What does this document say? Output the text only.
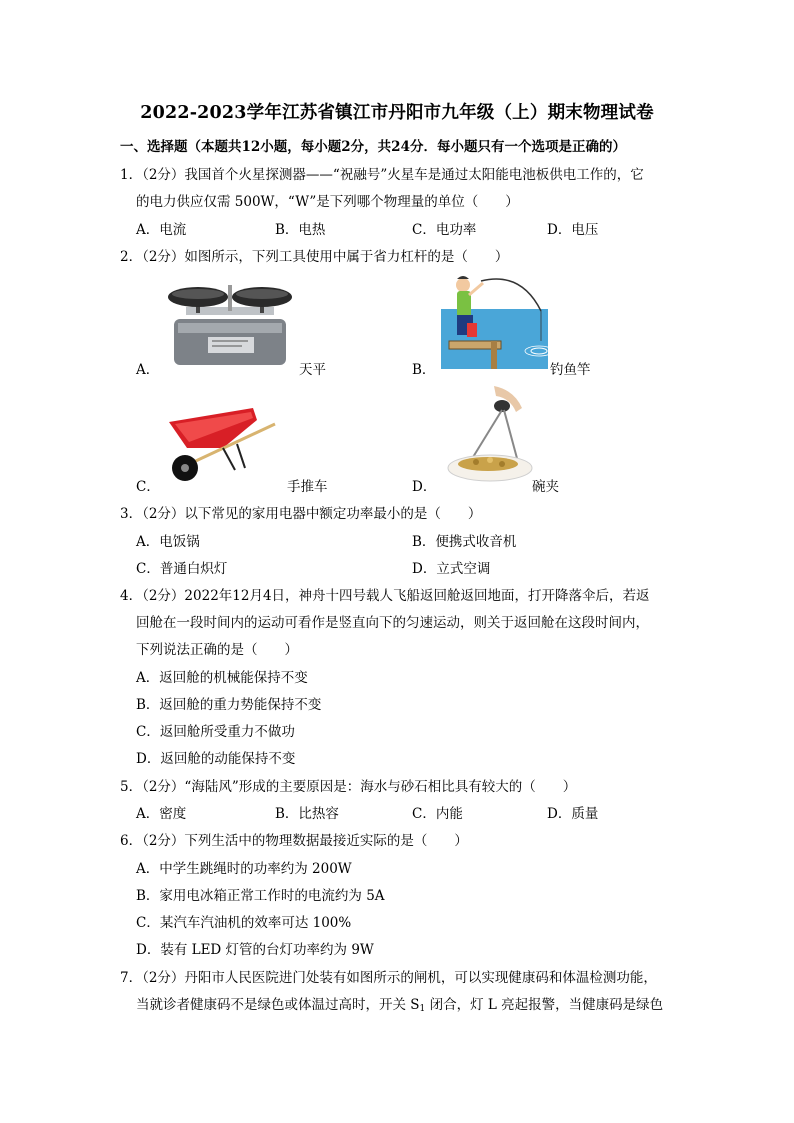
2022-2023学年江苏省镇江市丹阳市九年级（上）期末物理试卷
一、选择题（本题共12小题，每小题2分，共24分．每小题只有一个选项是正确的）
1．（2分）我国首个火星探测器——“祝融号”火星车是通过太阳能电池板供电工作的，它
的电力供应仅需 500W，“W”是下列哪个物理量的单位（　　）
A．电流	B．电热	C．电功率	D．电压
2．（2分）如图所示，下列工具使用中属于省力杠杆的是（　　）
A．	天平	B．	钓鱼竿
C．	手推车	D．	碗夹
3．（2分）以下常见的家用电器中额定功率最小的是（　　）
A．电饭锅	B．便携式收音机
C．普通白炽灯	D．立式空调
4．（2分）2022年12月4日，神舟十四号载人飞船返回舱返回地面，打开降落伞后，若返
回舱在一段时间内的运动可看作是竖直向下的匀速运动，则关于返回舱在这段时间内，
下列说法正确的是（　　）
A．返回舱的机械能保持不变
B．返回舱的重力势能保持不变
C．返回舱所受重力不做功
D．返回舱的动能保持不变
5．（2分）“海陆风”形成的主要原因是：海水与砂石相比具有较大的（　　）
A．密度	B．比热容	C．内能	D．质量
6．（2分）下列生活中的物理数据最接近实际的是（　　）
A．中学生跳绳时的功率约为 200W
B．家用电冰箱正常工作时的电流约为 5A
C．某汽车汽油机的效率可达 100%
D．装有 LED 灯管的台灯功率约为 9W
7．（2分）丹阳市人民医院进门处装有如图所示的闸机，可以实现健康码和体温检测功能，
当就诊者健康码不是绿色或体温过高时，开关 $S_1$ 闭合，灯 L 亮起报警，当健康码是绿色
